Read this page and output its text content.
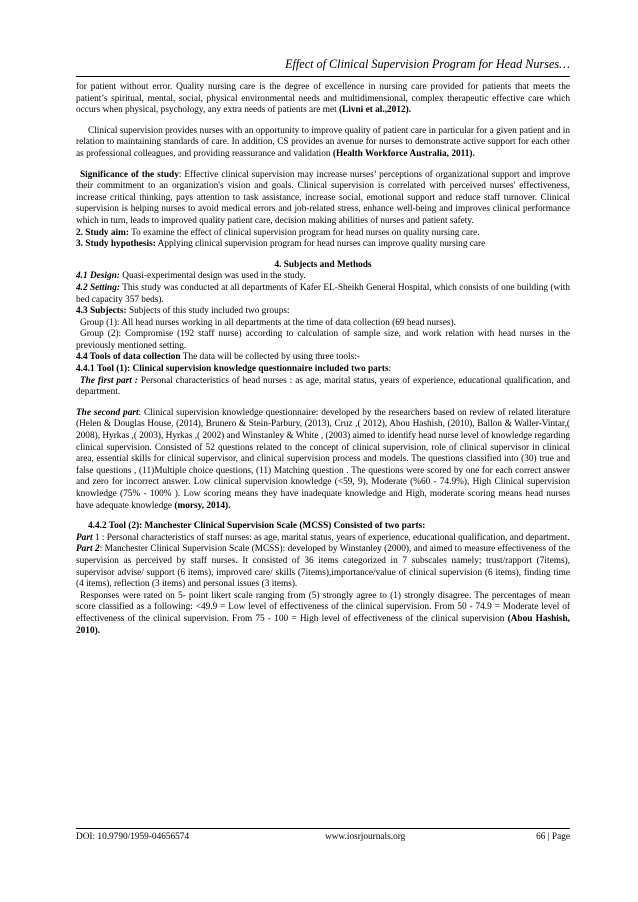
Effect of Clinical Supervision Program for Head Nurses…

for patient without error. Quality nursing care is the degree of excellence in nursing care provided for patients that meets the patient’s spiritual, mental, social, physical environmental needs and multidimensional, complex therapeutic effective care which occurs when physical, psychology, any extra needs of patients are met (Livni et al.,2012).

Clinical supervision provides nurses with an opportunity to improve quality of patient care in particular for a given patient and in relation to maintaining standards of care. In addition, CS provides an avenue for nurses to demonstrate active support for each other as professional colleagues, and providing reassurance and validation (Health Workforce Australia, 2011).

Significance of the study: Effective clinical supervision may increase nurses’ perceptions of organizational support and improve their commitment to an organization's vision and goals. Clinical supervision is correlated with perceived nurses' effectiveness, increase critical thinking, pays attention to task assistance, increase social, emotional support and reduce staff turnover. Clinical supervision is helping nurses to avoid medical errors and job-related stress, enhance well-being and improves clinical performance which in turn, leads to improved quality patient care, decision making abilities of nurses and patient safety.

2. Study aim: To examine the effect of clinical supervision program for head nurses on quality nursing care.

3. Study hypothesis: Applying clinical supervision program for head nurses can improve quality nursing care

4. Subjects and Methods

4.1 Design: Quasi-experimental design was used in the study.

4.2 Setting: This study was conducted at all departments of Kafer EL-Sheikh General Hospital, which consists of one building (with bed capacity 357 beds).

4.3 Subjects: Subjects of this study included two groups:

Group (1): All head nurses working in all departments at the time of data collection (69 head nurses).

Group (2): Compromise (192 staff nurse) according to calculation of sample size, and work relation with head nurses in the previously mentioned setting.

4.4 Tools of data collection The data will be collected by using three tools:-

4.4.1 Tool (1): Clinical supervision knowledge questionnaire included two parts:

The first part : Personal characteristics of head nurses : as age, marital status, years of experience, educational qualification, and department.

The second part: Clinical supervision knowledge questionnaire: developed by the researchers based on review of related literature (Helen & Douglas House, (2014), Brunero & Stein-Parbury, (2013), Cruz ,( 2012), Abou Hashish, (2010), Ballon & Waller-Vintar,( 2008), Hyrkas ,( 2003), Hyrkas ,( 2002) and Winstanley & White , (2003) aimed to identify head nurse level of knowledge regarding clinical supervision. Consisted of 52 questions related to the concept of clinical supervision, role of clinical supervisor in clinical area, essential skills for clinical supervisor, and clinical supervision process and models. The questions classified into (30) true and false questions , (11)Multiple choice questions, (11) Matching question . The questions were scored by one for each correct answer and zero for incorrect answer. Low clinical supervision knowledge (<59, 9), Moderate (%60 - 74.9%), High Clinical supervision knowledge (75% - 100% ). Low scoring means they have inadequate knowledge and High, moderate scoring means head nurses have adequate knowledge (morsy, 2014).

4.4.2 Tool (2): Manchester Clinical Supervision Scale (MCSS) Consisted of two parts:

Part 1 : Personal characteristics of staff nurses: as age, marital status, years of experience, educational qualification, and department.

Part 2: Manchester Clinical Supervision Scale (MCSS): developed by Winstanley (2000), and aimed to measure effectiveness of the supervision as perceived by staff nurses. It consisted of 36 items categorized in 7 subscales namely; trust/rapport (7items), supervisor advise/ support (6 items), improved care/ skills (7items),importance/value of clinical supervision (6 items), finding time (4 items), reflection (3 items) and personal issues (3 items).

Responses were rated on 5- point likert scale ranging from (5) strongly agree to (1) strongly disagree. The percentages of mean score classified as a following: <49.9 = Low level of effectiveness of the clinical supervision. From 50 - 74.9 = Moderate level of effectiveness of the clinical supervision. From 75 - 100 = High level of effectiveness of the clinical supervision (Abou Hashish, 2010).

DOI: 10.9790/1959-04656574	www.iosrjournals.org	66 | Page
